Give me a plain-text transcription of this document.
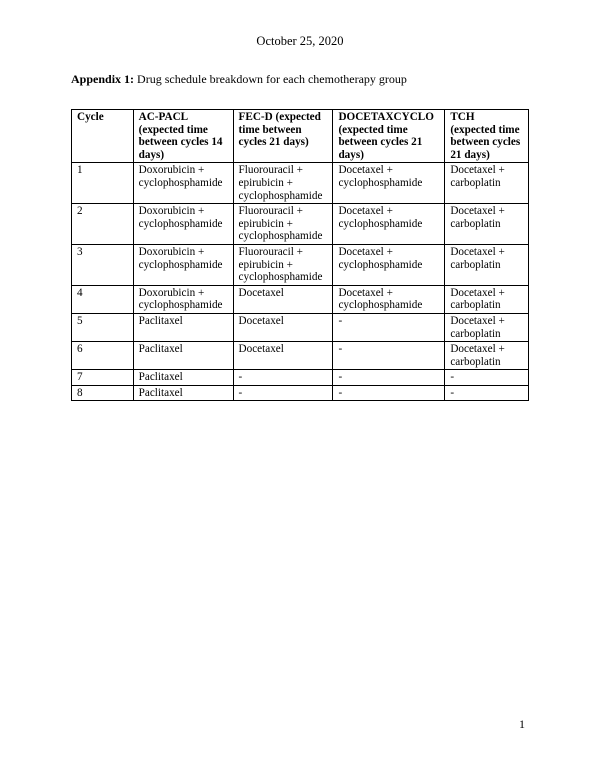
October 25, 2020
Appendix 1: Drug schedule breakdown for each chemotherapy group
Cycle	AC-PACL
(expected time
between cycles 14
days)	FEC-D (expected
time between
cycles 21 days)	DOCETAXCYCLO
(expected time
between cycles 21
days)	TCH
(expected time
between cycles
21 days)

1	Doxorubicin +
cyclophosphamide	Fluorouracil +
epirubicin +
cyclophosphamide	Docetaxel +
cyclophosphamide	Docetaxel +
carboplatin

2	Doxorubicin +
cyclophosphamide	Fluorouracil +
epirubicin +
cyclophosphamide	Docetaxel +
cyclophosphamide	Docetaxel +
carboplatin

3	Doxorubicin +
cyclophosphamide	Fluorouracil +
epirubicin +
cyclophosphamide	Docetaxel +
cyclophosphamide	Docetaxel +
carboplatin

4	Doxorubicin +
cyclophosphamide	Docetaxel	Docetaxel +
cyclophosphamide	Docetaxel +
carboplatin

5	Paclitaxel	Docetaxel	-	Docetaxel +
carboplatin

6	Paclitaxel	Docetaxel	-	Docetaxel +
carboplatin

7	Paclitaxel	-	-	-

8	Paclitaxel	-	-	-
1
